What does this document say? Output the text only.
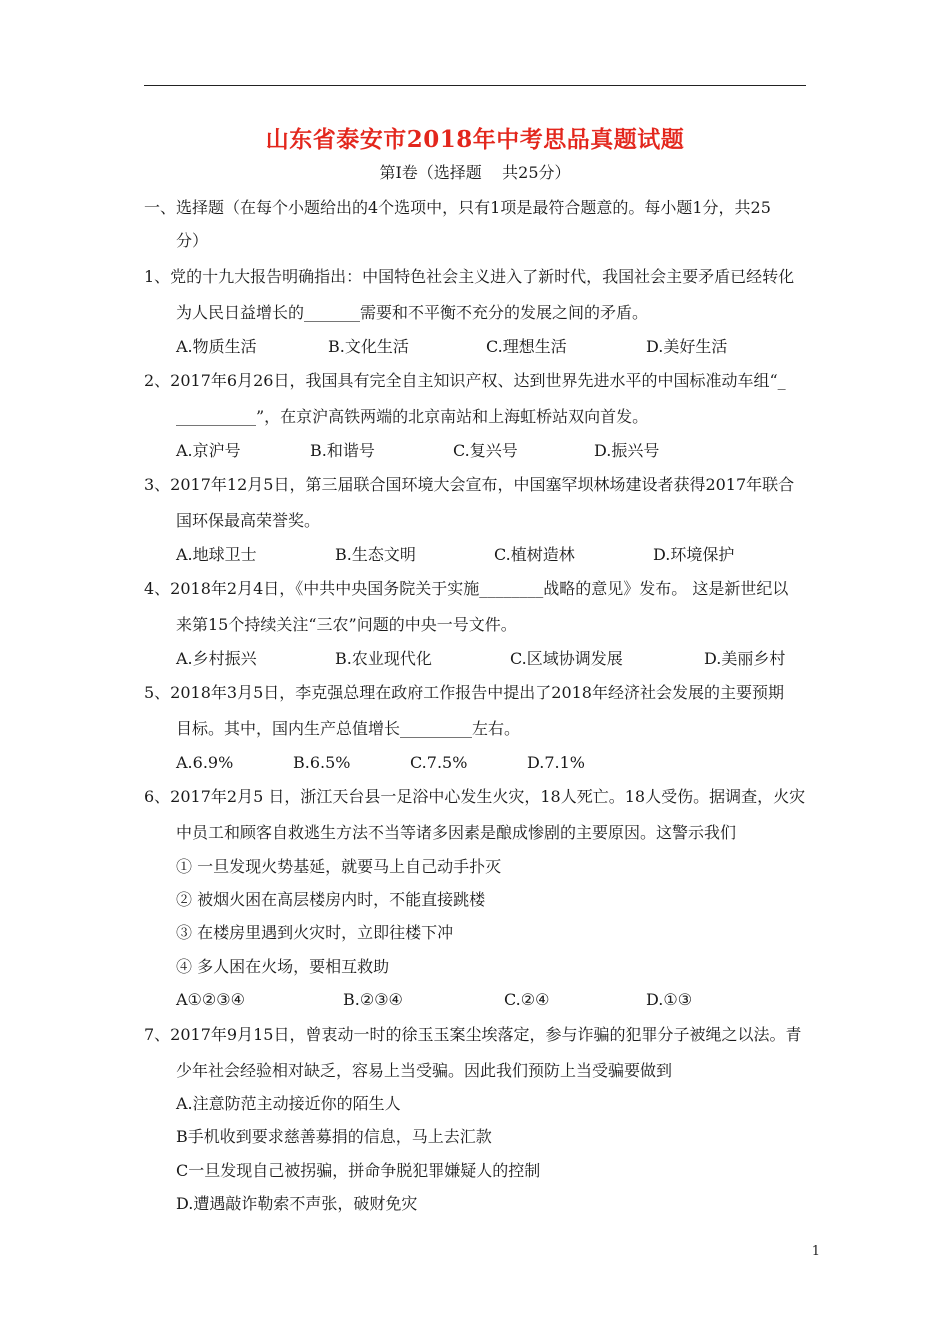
山东省泰安市2018年中考思品真题试题
第Ⅰ卷（选择题    共25分）
一、选择题（在每个小题给出的4个选项中，只有1项是最符合题意的。每小题1分，共25
分）
1、党的十九大报告明确指出：中国特色社会主义进入了新时代，我国社会主要矛盾已经转化
为人民日益增长的_______需要和不平衡不充分的发展之间的矛盾。

A.物质生活

	B.文化生活

	C.理想生活

	D.美好生活

2、2017年6月26日，我国具有完全自主知识产权、达到世界先进水平的中国标准动车组“_
__________”，在京沪高铁两端的北京南站和上海虹桥站双向首发。

A.京沪号

	B.和谐号

	C.复兴号

	D.振兴号

3、2017年12月5日，第三届联合国环境大会宣布，中国塞罕坝林场建设者获得2017年联合
国环保最高荣誉奖。

A.地球卫士

	B.生态文明

	C.植树造林

	D.环境保护

4、2018年2月4日，《中共中央国务院关于实施________战略的意见》发布。 这是新世纪以
来第15个持续关注“三农”问题的中央一号文件。

A.乡村振兴

	B.农业现代化

	C.区域协调发展

	D.美丽乡村

5、2018年3月5日，李克强总理在政府工作报告中提出了2018年经济社会发展的主要预期
目标。其中，国内生产总值增长_________左右。

A.6.9%

	B.6.5%

	C.7.5%

	D.7.1%

6、2017年2月5 日，浙江天台县一足浴中心发生火灾，18人死亡。18人受伤。据调查，火灾
中员工和顾客自救逃生方法不当等诸多因素是酿成惨剧的主要原因。这警示我们
① 一旦发现火势基延，就要马上自己动手扑灭
② 被烟火困在高层楼房内时，不能直接跳楼
③ 在楼房里遇到火灾时，立即往楼下冲
④ 多人困在火场，要相互救助

A①②③④

	B.②③④

	C.②④

	D.①③

7、2017年9月15日，曾衷动一时的徐玉玉案尘埃落定，参与诈骗的犯罪分子被绳之以法。青
少年社会经验相对缺乏，容易上当受骗。因此我们预防上当受骗要做到
A.注意防范主动接近你的陌生人
B手机收到要求慈善募捐的信息，马上去汇款
C一旦发现自己被拐骗，拼命争脱犯罪嫌疑人的控制
D.遭遇敲诈勒索不声张，破财免灾
1
